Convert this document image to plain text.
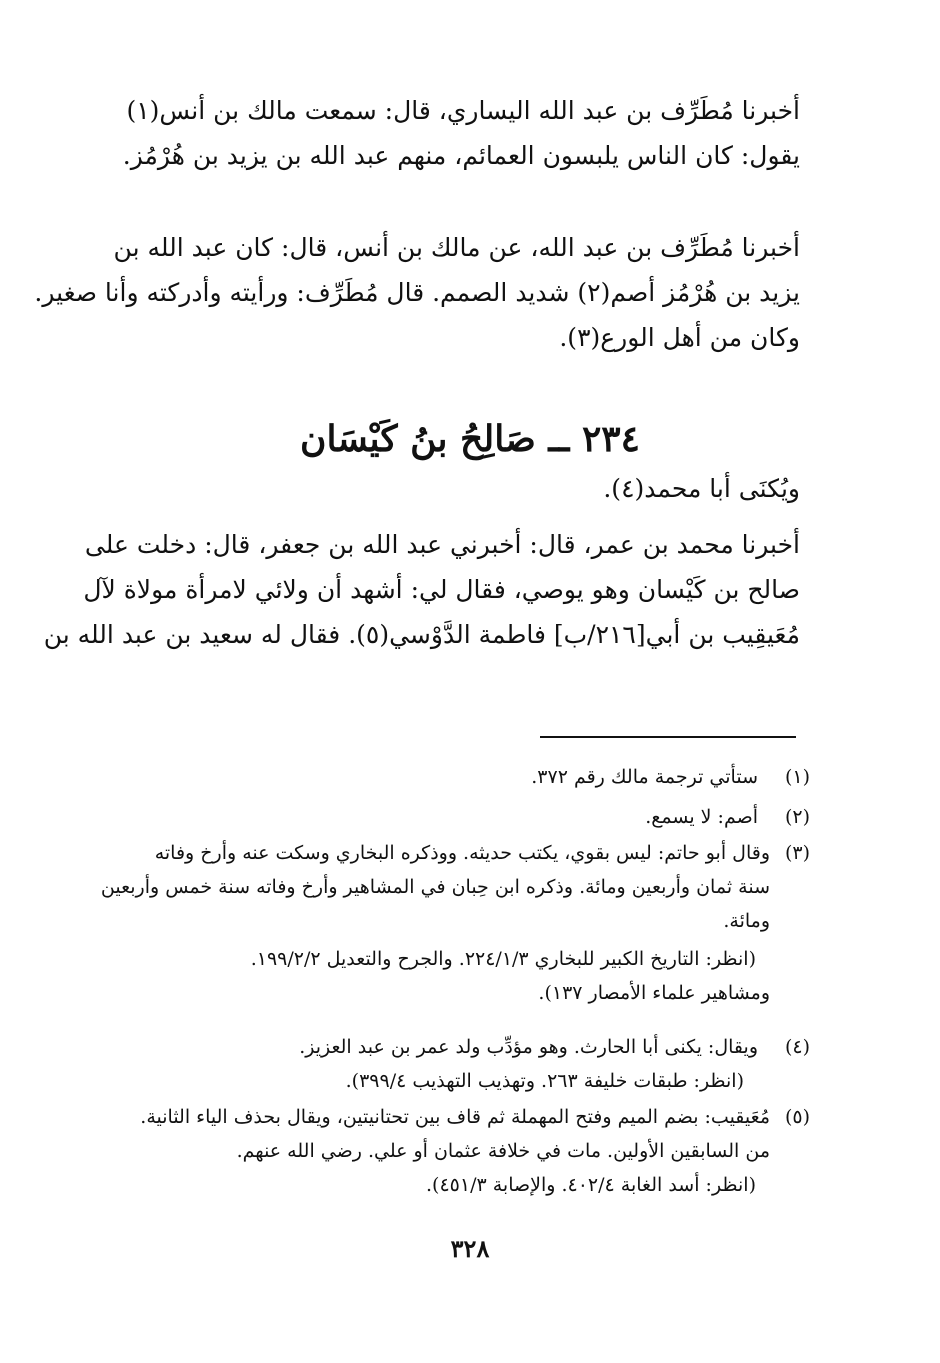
أخبرنا مُطَرِّف بن عبد الله اليساري، قال: سمعت مالك بن أنس(١)
يقول: كان الناس يلبسون العمائم، منهم عبد الله بن يزيد بن هُرْمُز.
أخبرنا مُطَرِّف بن عبد الله، عن مالك بن أنس، قال: كان عبد الله بن
يزيد بن هُرْمُز أصم(٢) شديد الصمم. قال مُطَرِّف: ورأيته وأدركته وأنا صغير.
وكان من أهل الورع(٣).
٢٣٤ ــ صَالِحُ بنُ كَيْسَان
ويُكنَى أبا محمد(٤).
أخبرنا محمد بن عمر، قال: أخبرني عبد الله بن جعفر، قال: دخلت على
صالح بن كَيْسان وهو يوصي، فقال لي: أشهد أن ولائي لامرأة مولاة لآل
مُعَيقِيب بن أبي[٢١٦/ب] فاطمة الدَّوْسي(٥). فقال له سعيد بن عبد الله بن
(١)
ستأتي ترجمة مالك رقم ٣٧٢.
(٢)
أصم: لا يسمع.
(٣)
وقال أبو حاتم: ليس بقوي، يكتب حديثه. ووذكره البخاري وسكت عنه وأرخ وفاته
سنة ثمان وأربعين ومائة. وذكره ابن حِبان في المشاهير وأرخ وفاته سنة خمس وأربعين
ومائة.
(انظر: التاريخ الكبير للبخاري ٢٢٤/١/٣. والجرح والتعديل ١٩٩/٢/٢.
ومشاهير علماء الأمصار ١٣٧).
(٤)
ويقال: يكنى أبا الحارث. وهو مؤدِّب ولد عمر بن عبد العزيز.
(انظر: طبقات خليفة ٢٦٣. وتهذيب التهذيب ٣٩٩/٤).
(٥)
مُعَيقيب: بضم الميم وفتح المهملة ثم قاف بين تحتانيتين، ويقال بحذف الياء الثانية.
من السابقين الأولين. مات في خلافة عثمان أو علي. رضي الله عنهم.
(انظر: أسد الغابة ٤٠٢/٤. والإصابة ٤٥١/٣).
٣٢٨
